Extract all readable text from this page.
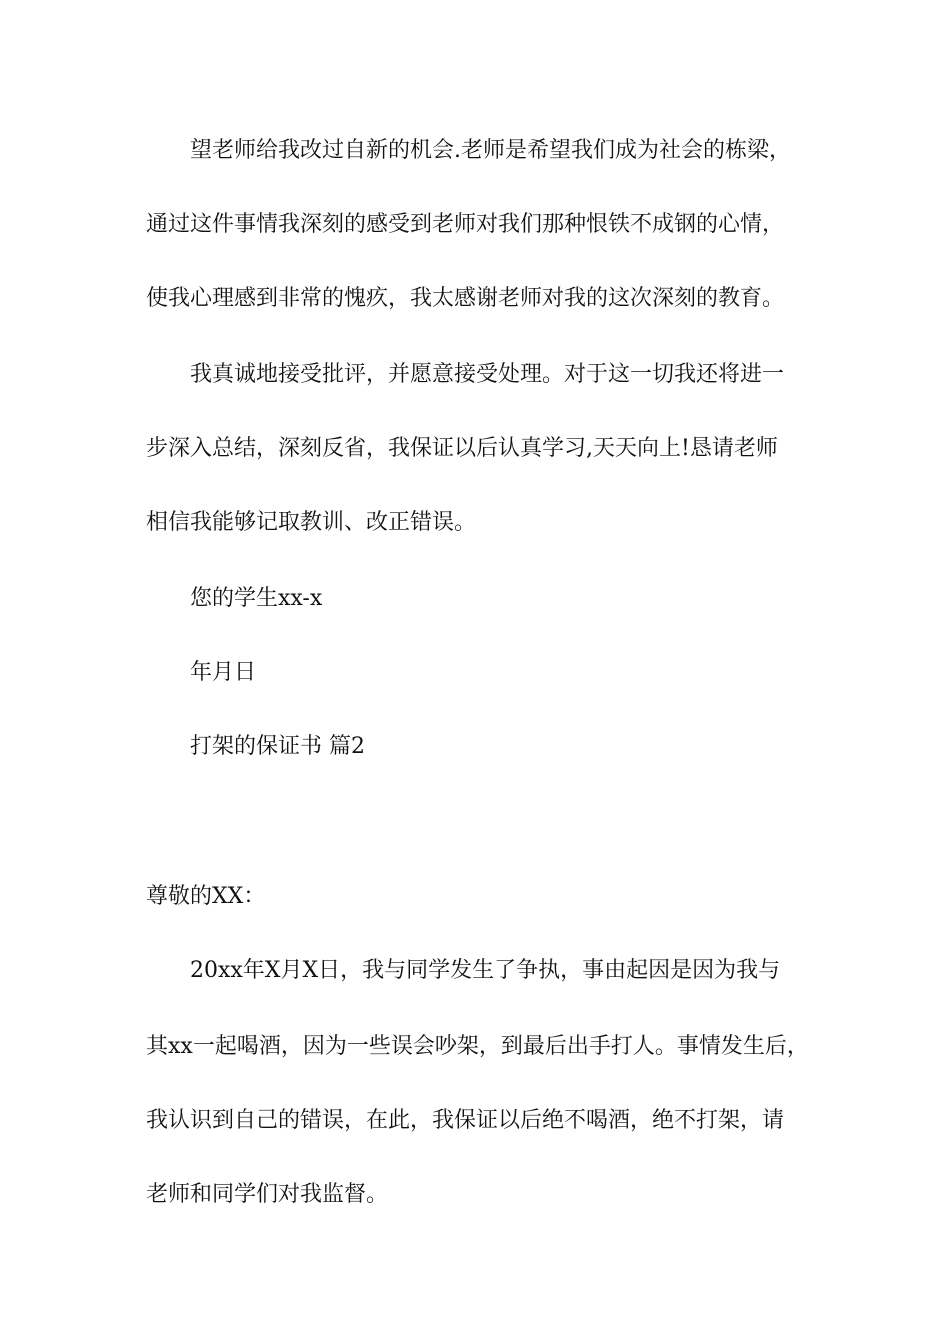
望老师给我改过自新的机会.老师是希望我们成为社会的栋梁，
通过这件事情我深刻的感受到老师对我们那种恨铁不成钢的心情，
使我心理感到非常的愧疚，我太感谢老师对我的这次深刻的教育。
我真诚地接受批评，并愿意接受处理。对于这一切我还将进一
步深入总结，深刻反省，我保证以后认真学习,天天向上!恳请老师
相信我能够记取教训、改正错误。
您的学生xx-x
年月日
打架的保证书 篇2
尊敬的XX：
20xx年X月X日，我与同学发生了争执，事由起因是因为我与
其xx一起喝酒，因为一些误会吵架，到最后出手打人。事情发生后，
我认识到自己的错误，在此，我保证以后绝不喝酒，绝不打架，请
老师和同学们对我监督。
